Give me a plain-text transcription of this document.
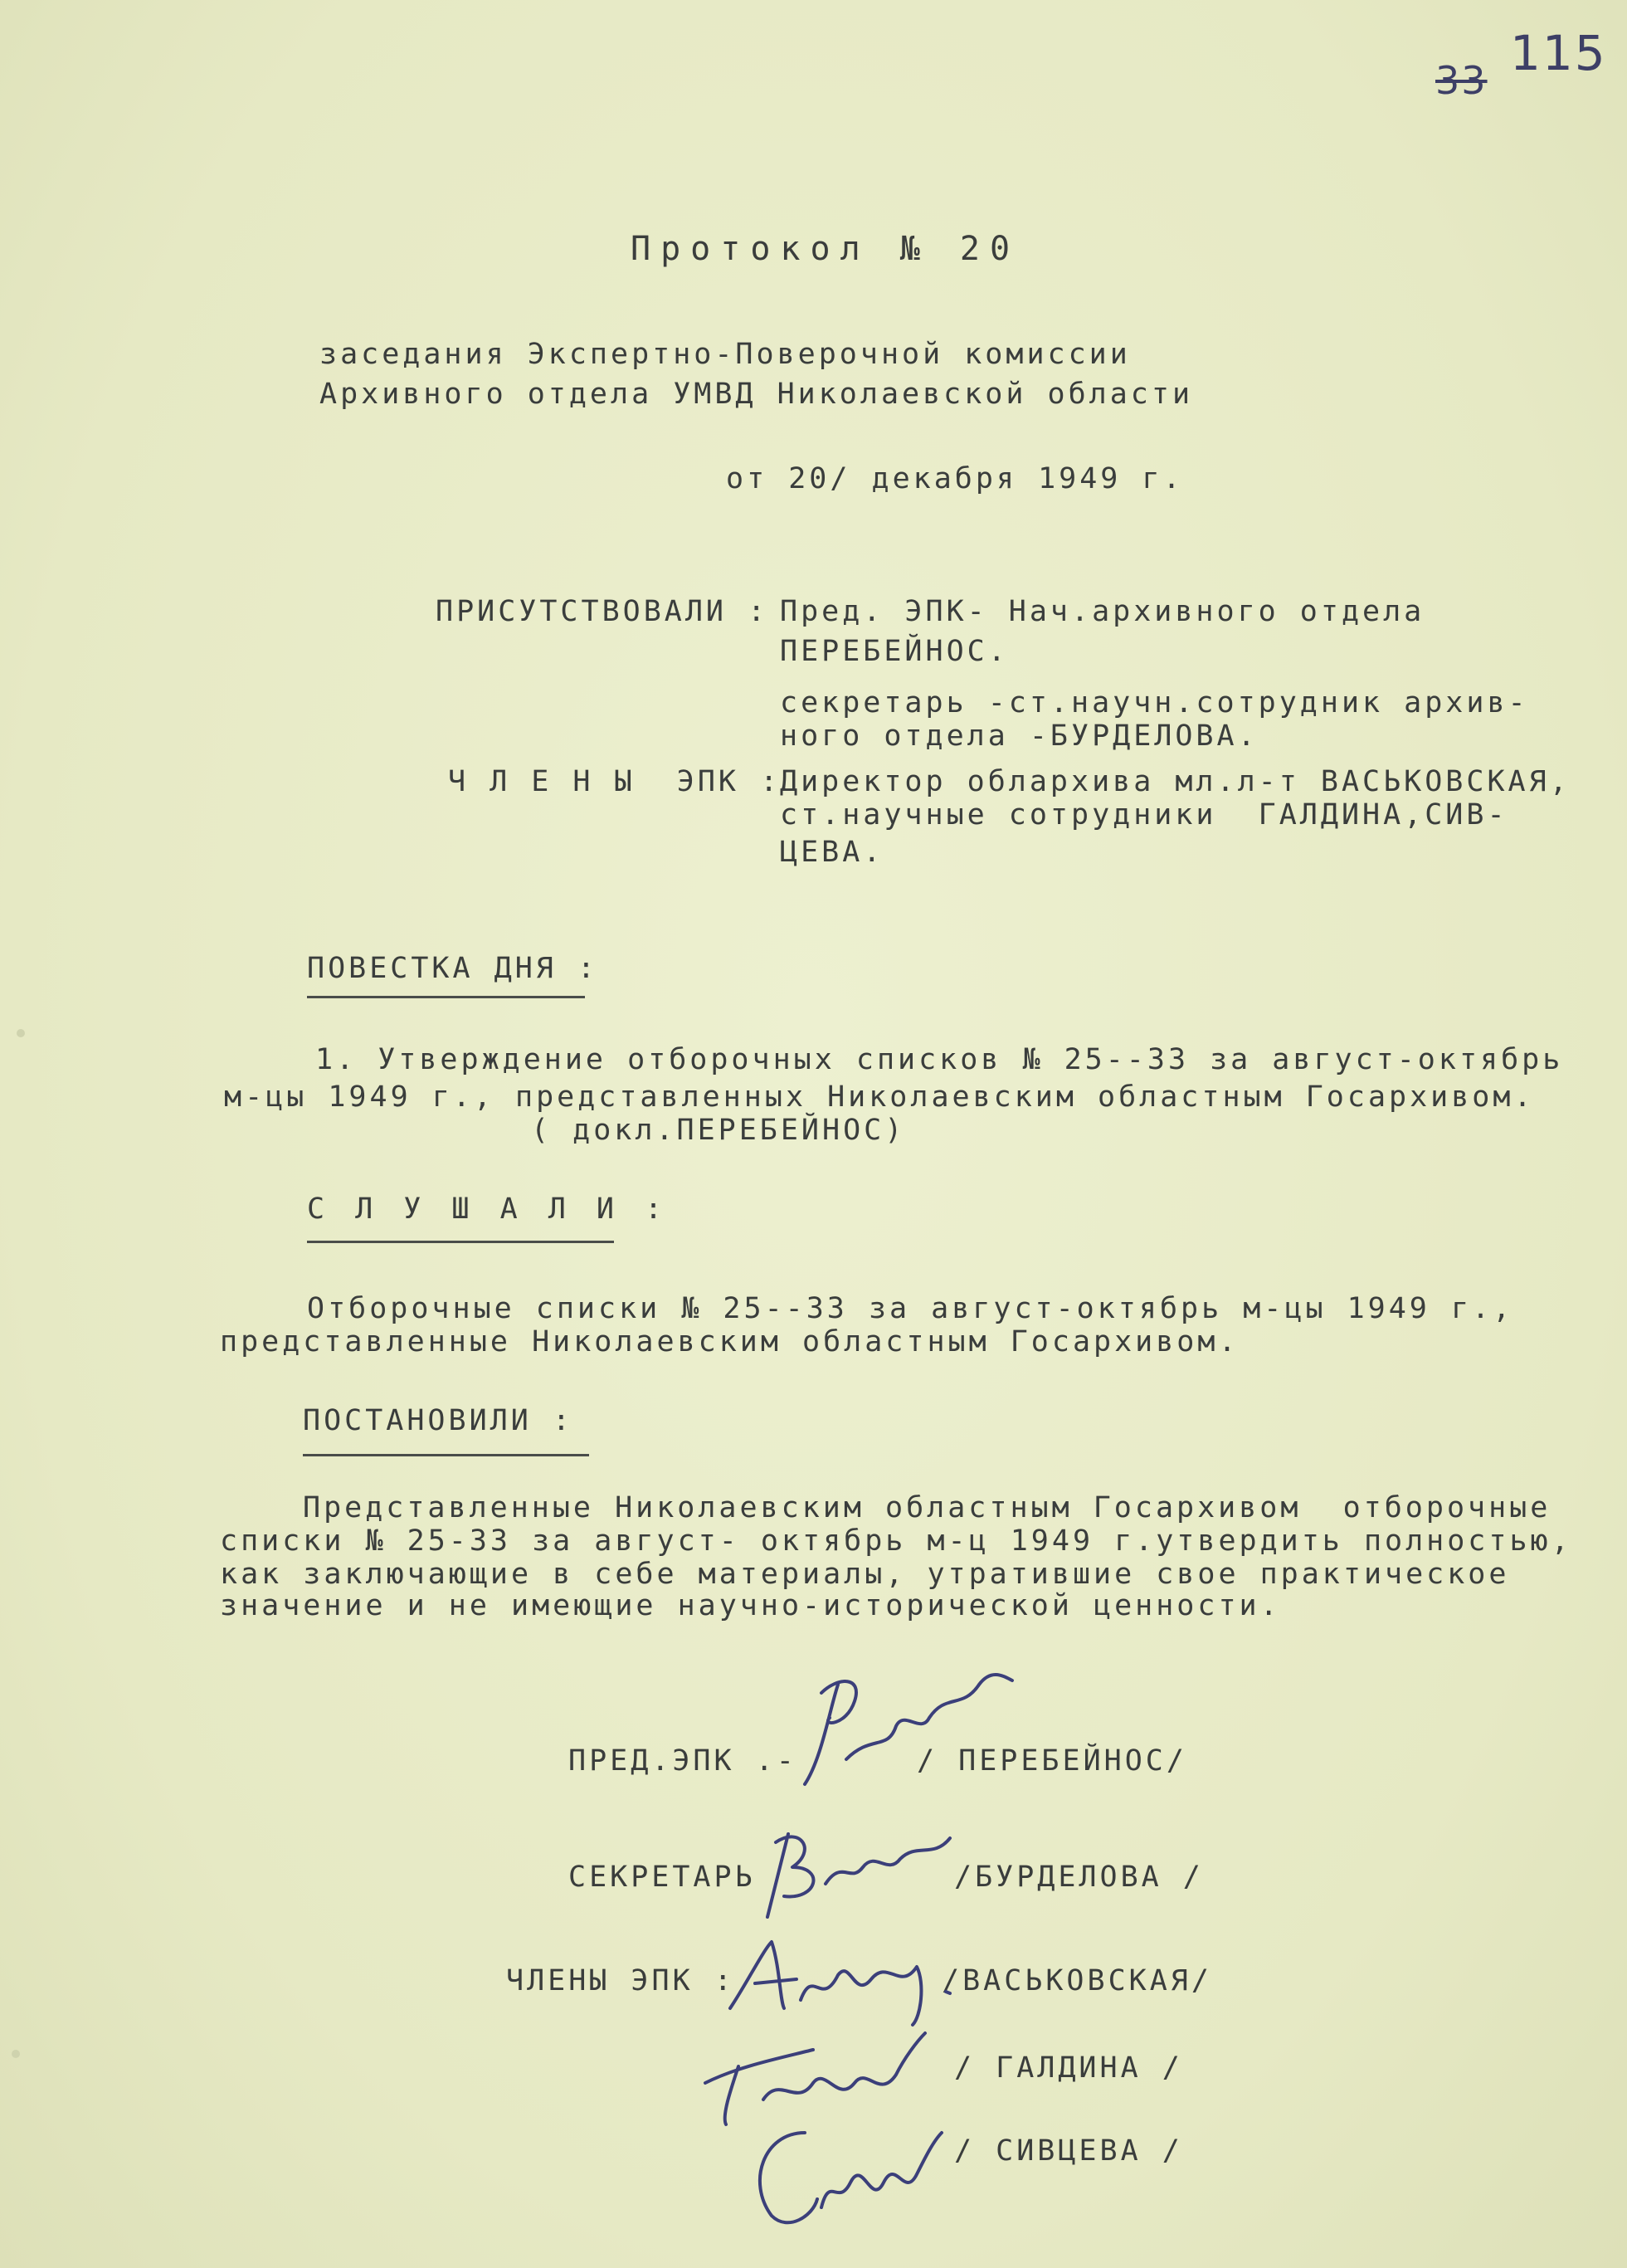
33 115
Протокол № 20
заседания Экспертно-Поверочной комиссии
Архивного отдела УМВД Николаевской области
от 20/ декабря 1949 г.
ПРИСУТСТВОВАЛИ : Пред. ЭПК- Нач.архивного отдела
ПЕРЕБЕЙНОС.
секретарь -ст.научн.сотрудник архив-
ного отдела -БУРДЕЛОВА.
Ч Л Е Н Ы  ЭПК :
Директор облархива мл.л-т ВАСЬКОВСКАЯ,
ст.научные сотрудники  ГАЛДИНА,СИВ-
ЦЕВА.
ПОВЕСТКА ДНЯ :
1. Утверждение отборочных списков № 25--33 за август-октябрь
м-цы 1949 г., представленных Николаевским областным Госархивом.
( докл.ПЕРЕБЕЙНОС)
С Л У Ш А Л И :
Отборочные списки № 25--33 за август-октябрь м-цы 1949 г.,
представленные Николаевским областным Госархивом.
ПОСТАНОВИЛИ :
Представленные Николаевским областным Госархивом  отборочные
списки № 25-33 за август- октябрь м-ц 1949 г.утвердить полностью,
как заключающие в себе материалы, утратившие свое практическое
значение и не имеющие научно-исторической ценности.
ПРЕД.ЭПК .-	/ ПЕРЕБЕЙНОС/
СЕКРЕТАРЬ	/БУРДЕЛОВА /
ЧЛЕНЫ ЭПК :	/ВАСЬКОВСКАЯ/
/ ГАЛДИНА /
/ СИВЦЕВА /
